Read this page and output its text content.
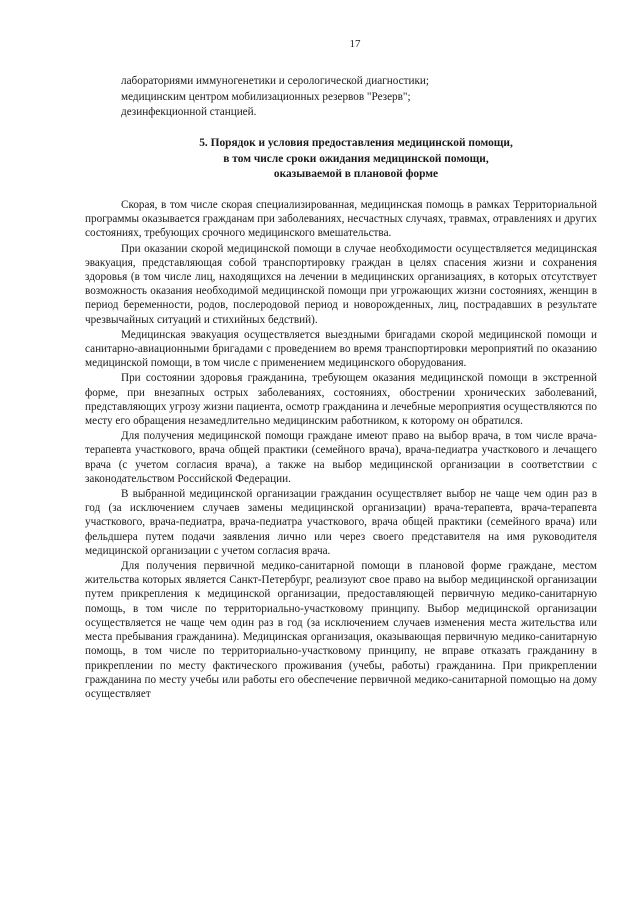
17
лабораториями иммуногенетики и серологической диагностики;
медицинским центром мобилизационных резервов "Резерв";
дезинфекционной станцией.
5. Порядок и условия предоставления медицинской помощи,
в том числе сроки ожидания медицинской помощи,
оказываемой в плановой форме

Скорая, в том числе скорая специализированная, медицинская помощь в рамках Территориальной программы оказывается гражданам при заболеваниях, несчастных случаях, травмах, отравлениях и других состояниях, требующих срочного медицинского вмешательства.

При оказании скорой медицинской помощи в случае необходимости осуществляется медицинская эвакуация, представляющая собой транспортировку граждан в целях спасения жизни и сохранения здоровья (в том числе лиц, находящихся на лечении в медицинских организациях, в которых отсутствует возможность оказания необходимой медицинской помощи при угрожающих жизни состояниях, женщин в период беременности, родов, послеродовой период и новорожденных, лиц, пострадавших в результате чрезвычайных ситуаций и стихийных бедствий).

Медицинская эвакуация осуществляется выездными бригадами скорой медицинской помощи и санитарно-авиационными бригадами с проведением во время транспортировки мероприятий по оказанию медицинской помощи, в том числе с применением медицинского оборудования.

При состоянии здоровья гражданина, требующем оказания медицинской помощи в экстренной форме, при внезапных острых заболеваниях, состояниях, обострении хронических заболеваний, представляющих угрозу жизни пациента, осмотр гражданина и лечебные мероприятия осуществляются по месту его обращения незамедлительно медицинским работником, к которому он обратился.

Для получения медицинской помощи граждане имеют право на выбор врача, в том числе врача-терапевта участкового, врача общей практики (семейного врача), врача-педиатра участкового и лечащего врача (с учетом согласия врача), а также на выбор медицинской организации в соответствии с законодательством Российской Федерации.

В выбранной медицинской организации гражданин осуществляет выбор не чаще чем один раз в год (за исключением случаев замены медицинской организации) врача-терапевта, врача-терапевта участкового, врача-педиатра, врача-педиатра участкового, врача общей практики (семейного врача) или фельдшера путем подачи заявления лично или через своего представителя на имя руководителя медицинской организации с учетом согласия врача.

Для получения первичной медико-санитарной помощи в плановой форме граждане, местом жительства которых является Санкт-Петербург, реализуют свое право на выбор медицинской организации путем прикрепления к медицинской организации, предоставляющей первичную медико-санитарную помощь, в том числе по территориально-участковому принципу. Выбор медицинской организации осуществляется не чаще чем один раз в год (за исключением случаев изменения места жительства или места пребывания гражданина). Медицинская организация, оказывающая первичную медико-санитарную помощь, в том числе по территориально-участковому принципу, не вправе отказать гражданину в прикреплении по месту фактического проживания (учебы, работы) гражданина. При прикреплении гражданина по месту учебы или работы его обеспечение первичной медико-санитарной помощью на дому осуществляет
